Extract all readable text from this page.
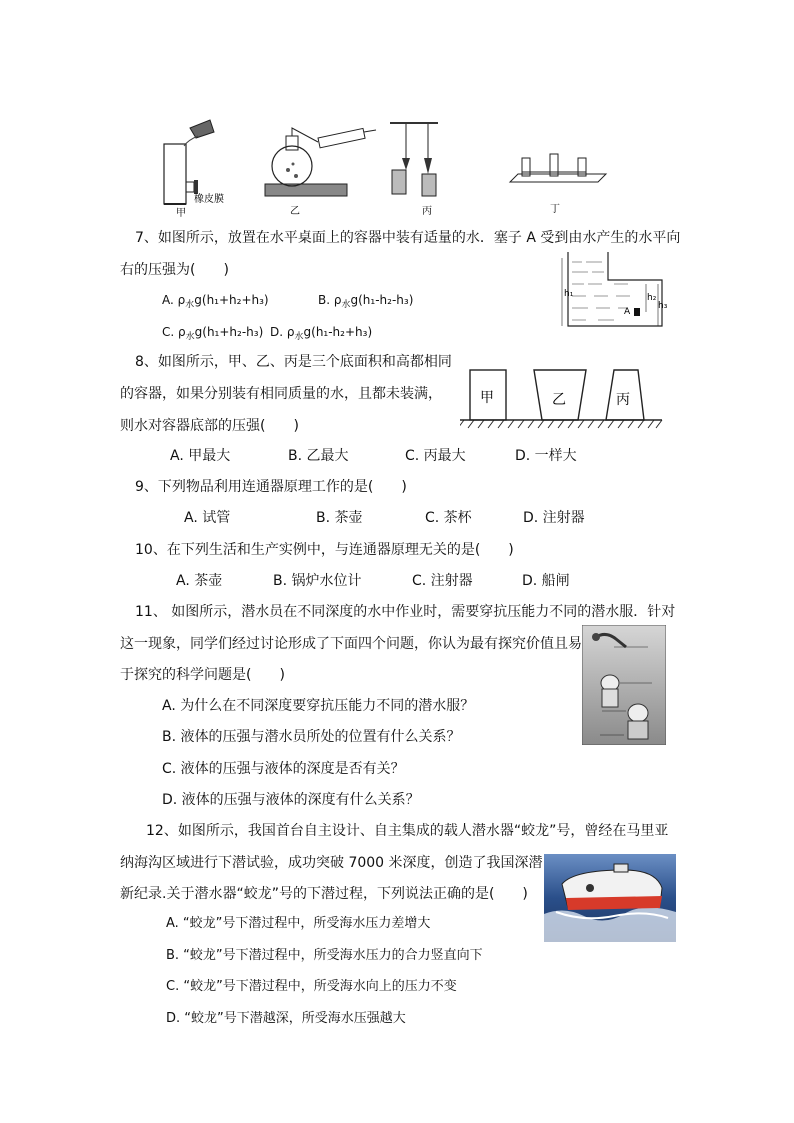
橡皮膜
甲	乙	丙	丁
7、如图所示，放置在水平桌面上的容器中装有适量的水．塞子 A 受到由水产生的水平向
右的压强为(　　)
A. $\rho_水g(h_1+h_2+h_3)$	B. $\rho_水g(h_1-h_2-h_3)$
C. $\rho_水g(h_1+h_2-h_3)$ D. $\rho_水g(h_1-h_2+h_3)$
h₁	h₂
h₃
A
8、如图所示，甲、乙、丙是三个底面积和高都相同
的容器，如果分别装有相同质量的水，且都未装满，
则水对容器底部的压强(　　)
A. 甲最大	B. 乙最大	C. 丙最大	D. 一样大
甲	乙	丙
9、下列物品利用连通器原理工作的是(　　)
A. 试管	B. 茶壶	C. 茶杯	D. 注射器
10、在下列生活和生产实例中，与连通器原理无关的是(　　)
A. 茶壶	B. 锅炉水位计	C. 注射器	D. 船闸
11、 如图所示，潜水员在不同深度的水中作业时，需要穿抗压能力不同的潜水服．针对
这一现象，同学们经过讨论形成了下面四个问题，你认为最有探究价值且易
于探究的科学问题是(　　)
A. 为什么在不同深度要穿抗压能力不同的潜水服？
B. 液体的压强与潜水员所处的位置有什么关系？
C. 液体的压强与液体的深度是否有关？
D. 液体的压强与液体的深度有什么关系？
12、如图所示，我国首台自主设计、自主集成的载人潜水器“蛟龙”号，曾经在马里亚
纳海沟区域进行下潜试验，成功突破 7000 米深度，创造了我国深潜
新纪录.关于潜水器“蛟龙”号的下潜过程，下列说法正确的是(　　)
A. “蛟龙”号下潜过程中，所受海水压力差增大
B. “蛟龙”号下潜过程中，所受海水压力的合力竖直向下
C. “蛟龙”号下潜过程中，所受海水向上的压力不变
D. “蛟龙”号下潜越深，所受海水压强越大
